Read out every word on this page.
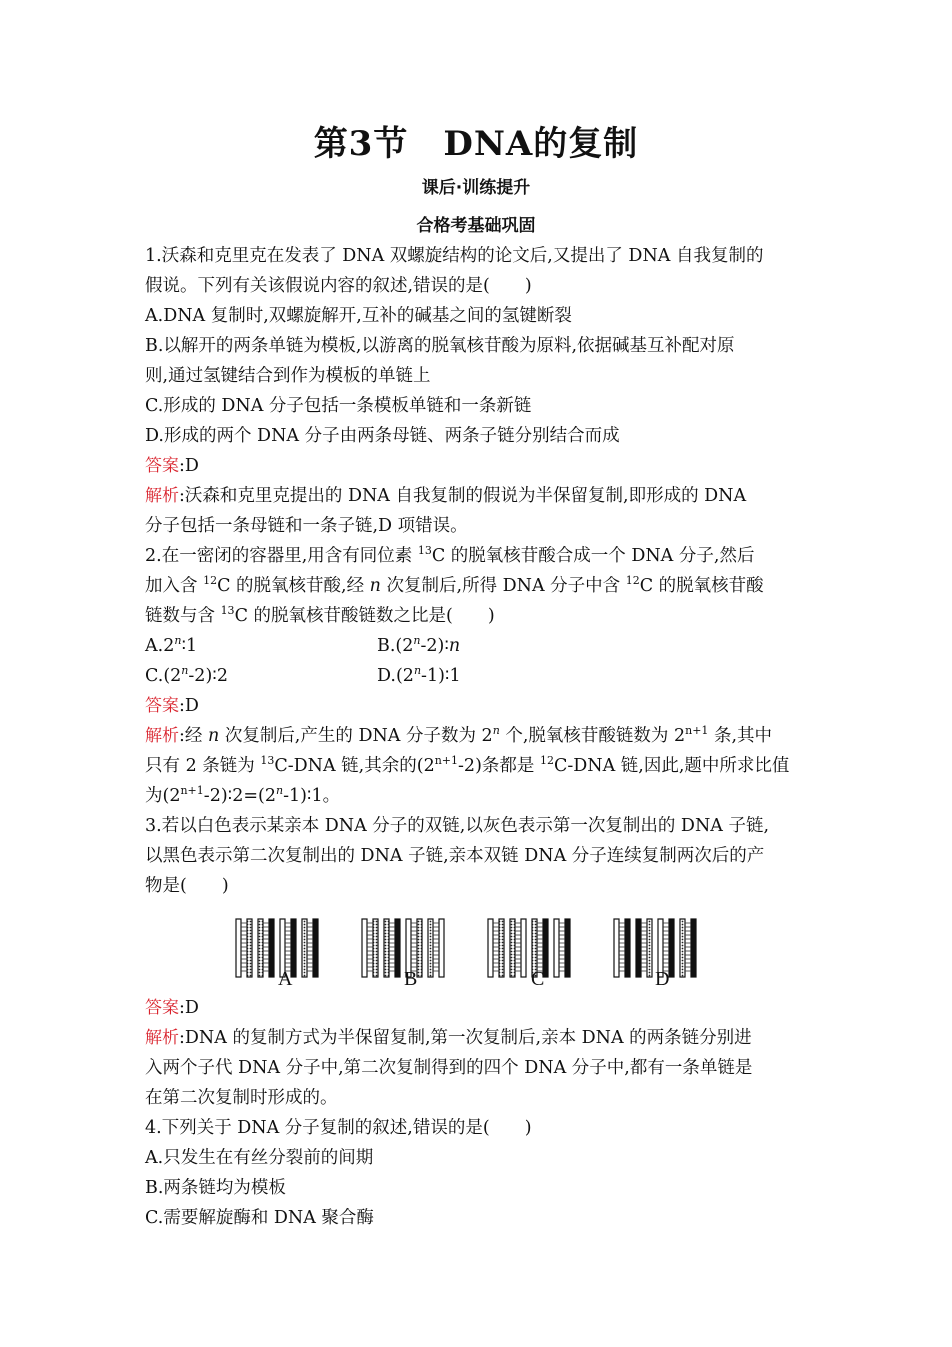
第3节　DNA的复制
课后·训练提升
合格考基础巩固
1.沃森和克里克在发表了 DNA 双螺旋结构的论文后,又提出了 DNA 自我复制的
假说。下列有关该假说内容的叙述,错误的是(　　)
A.DNA 复制时,双螺旋解开,互补的碱基之间的氢键断裂
B.以解开的两条单链为模板,以游离的脱氧核苷酸为原料,依据碱基互补配对原
则,通过氢键结合到作为模板的单链上
C.形成的 DNA 分子包括一条模板单链和一条新链
D.形成的两个 DNA 分子由两条母链、两条子链分别结合而成
答案:D
解析:沃森和克里克提出的 DNA 自我复制的假说为半保留复制,即形成的 DNA
分子包括一条母链和一条子链,D 项错误。
2.在一密闭的容器里,用含有同位素 $^{13}$C 的脱氧核苷酸合成一个 DNA 分子,然后
加入含 $^{12}$C 的脱氧核苷酸,经 n 次复制后,所得 DNA 分子中含 $^{12}$C 的脱氧核苷酸
链数与含 $^{13}$C 的脱氧核苷酸链数之比是(　　)
A.2$^n$∶1	B.(2$^n$-2)∶n
C.(2$^n$-2)∶2	D.(2$^n$-1)∶1
答案:D
解析:经 n 次复制后,产生的 DNA 分子数为 2$^n$ 个,脱氧核苷酸链数为 $2^{n+1}$ 条,其中
只有 2 条链为 $^{13}$C-DNA 链,其余的$(2^{n+1}-2)$条都是 $^{12}$C-DNA 链,因此,题中所求比值
为$(2^{n+1}-2)∶2=(2^n-1)∶1$。
3.若以白色表示某亲本 DNA 分子的双链,以灰色表示第一次复制出的 DNA 子链,
以黑色表示第二次复制出的 DNA 子链,亲本双链 DNA 分子连续复制两次后的产
物是(　　)
A	B	C	D
答案:D
解析:DNA 的复制方式为半保留复制,第一次复制后,亲本 DNA 的两条链分别进
入两个子代 DNA 分子中,第二次复制得到的四个 DNA 分子中,都有一条单链是
在第二次复制时形成的。
4.下列关于 DNA 分子复制的叙述,错误的是(　　)
A.只发生在有丝分裂前的间期
B.两条链均为模板
C.需要解旋酶和 DNA 聚合酶
